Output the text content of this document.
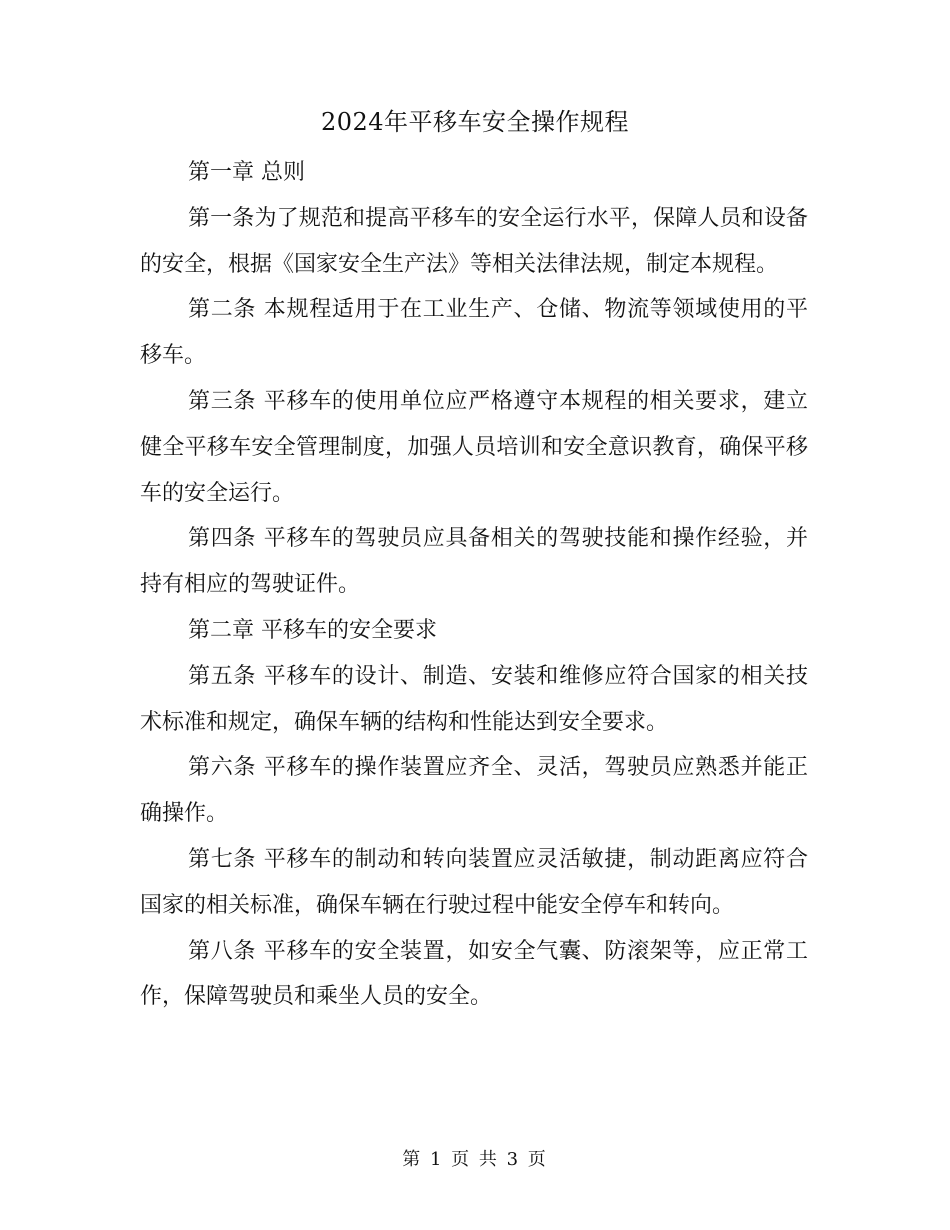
2024年平移车安全操作规程

第一章 总则

第一条为了规范和提高平移车的安全运行水平，保障人员和设备的安全，根据《国家安全生产法》等相关法律法规，制定本规程。

第二条 本规程适用于在工业生产、仓储、物流等领域使用的平移车。

第三条 平移车的使用单位应严格遵守本规程的相关要求，建立健全平移车安全管理制度，加强人员培训和安全意识教育，确保平移车的安全运行。

第四条 平移车的驾驶员应具备相关的驾驶技能和操作经验，并持有相应的驾驶证件。

第二章 平移车的安全要求

第五条 平移车的设计、制造、安装和维修应符合国家的相关技术标准和规定，确保车辆的结构和性能达到安全要求。

第六条 平移车的操作装置应齐全、灵活，驾驶员应熟悉并能正确操作。

第七条 平移车的制动和转向装置应灵活敏捷，制动距离应符合国家的相关标准，确保车辆在行驶过程中能安全停车和转向。

第八条 平移车的安全装置，如安全气囊、防滚架等，应正常工作，保障驾驶员和乘坐人员的安全。

第 1 页 共 3 页
